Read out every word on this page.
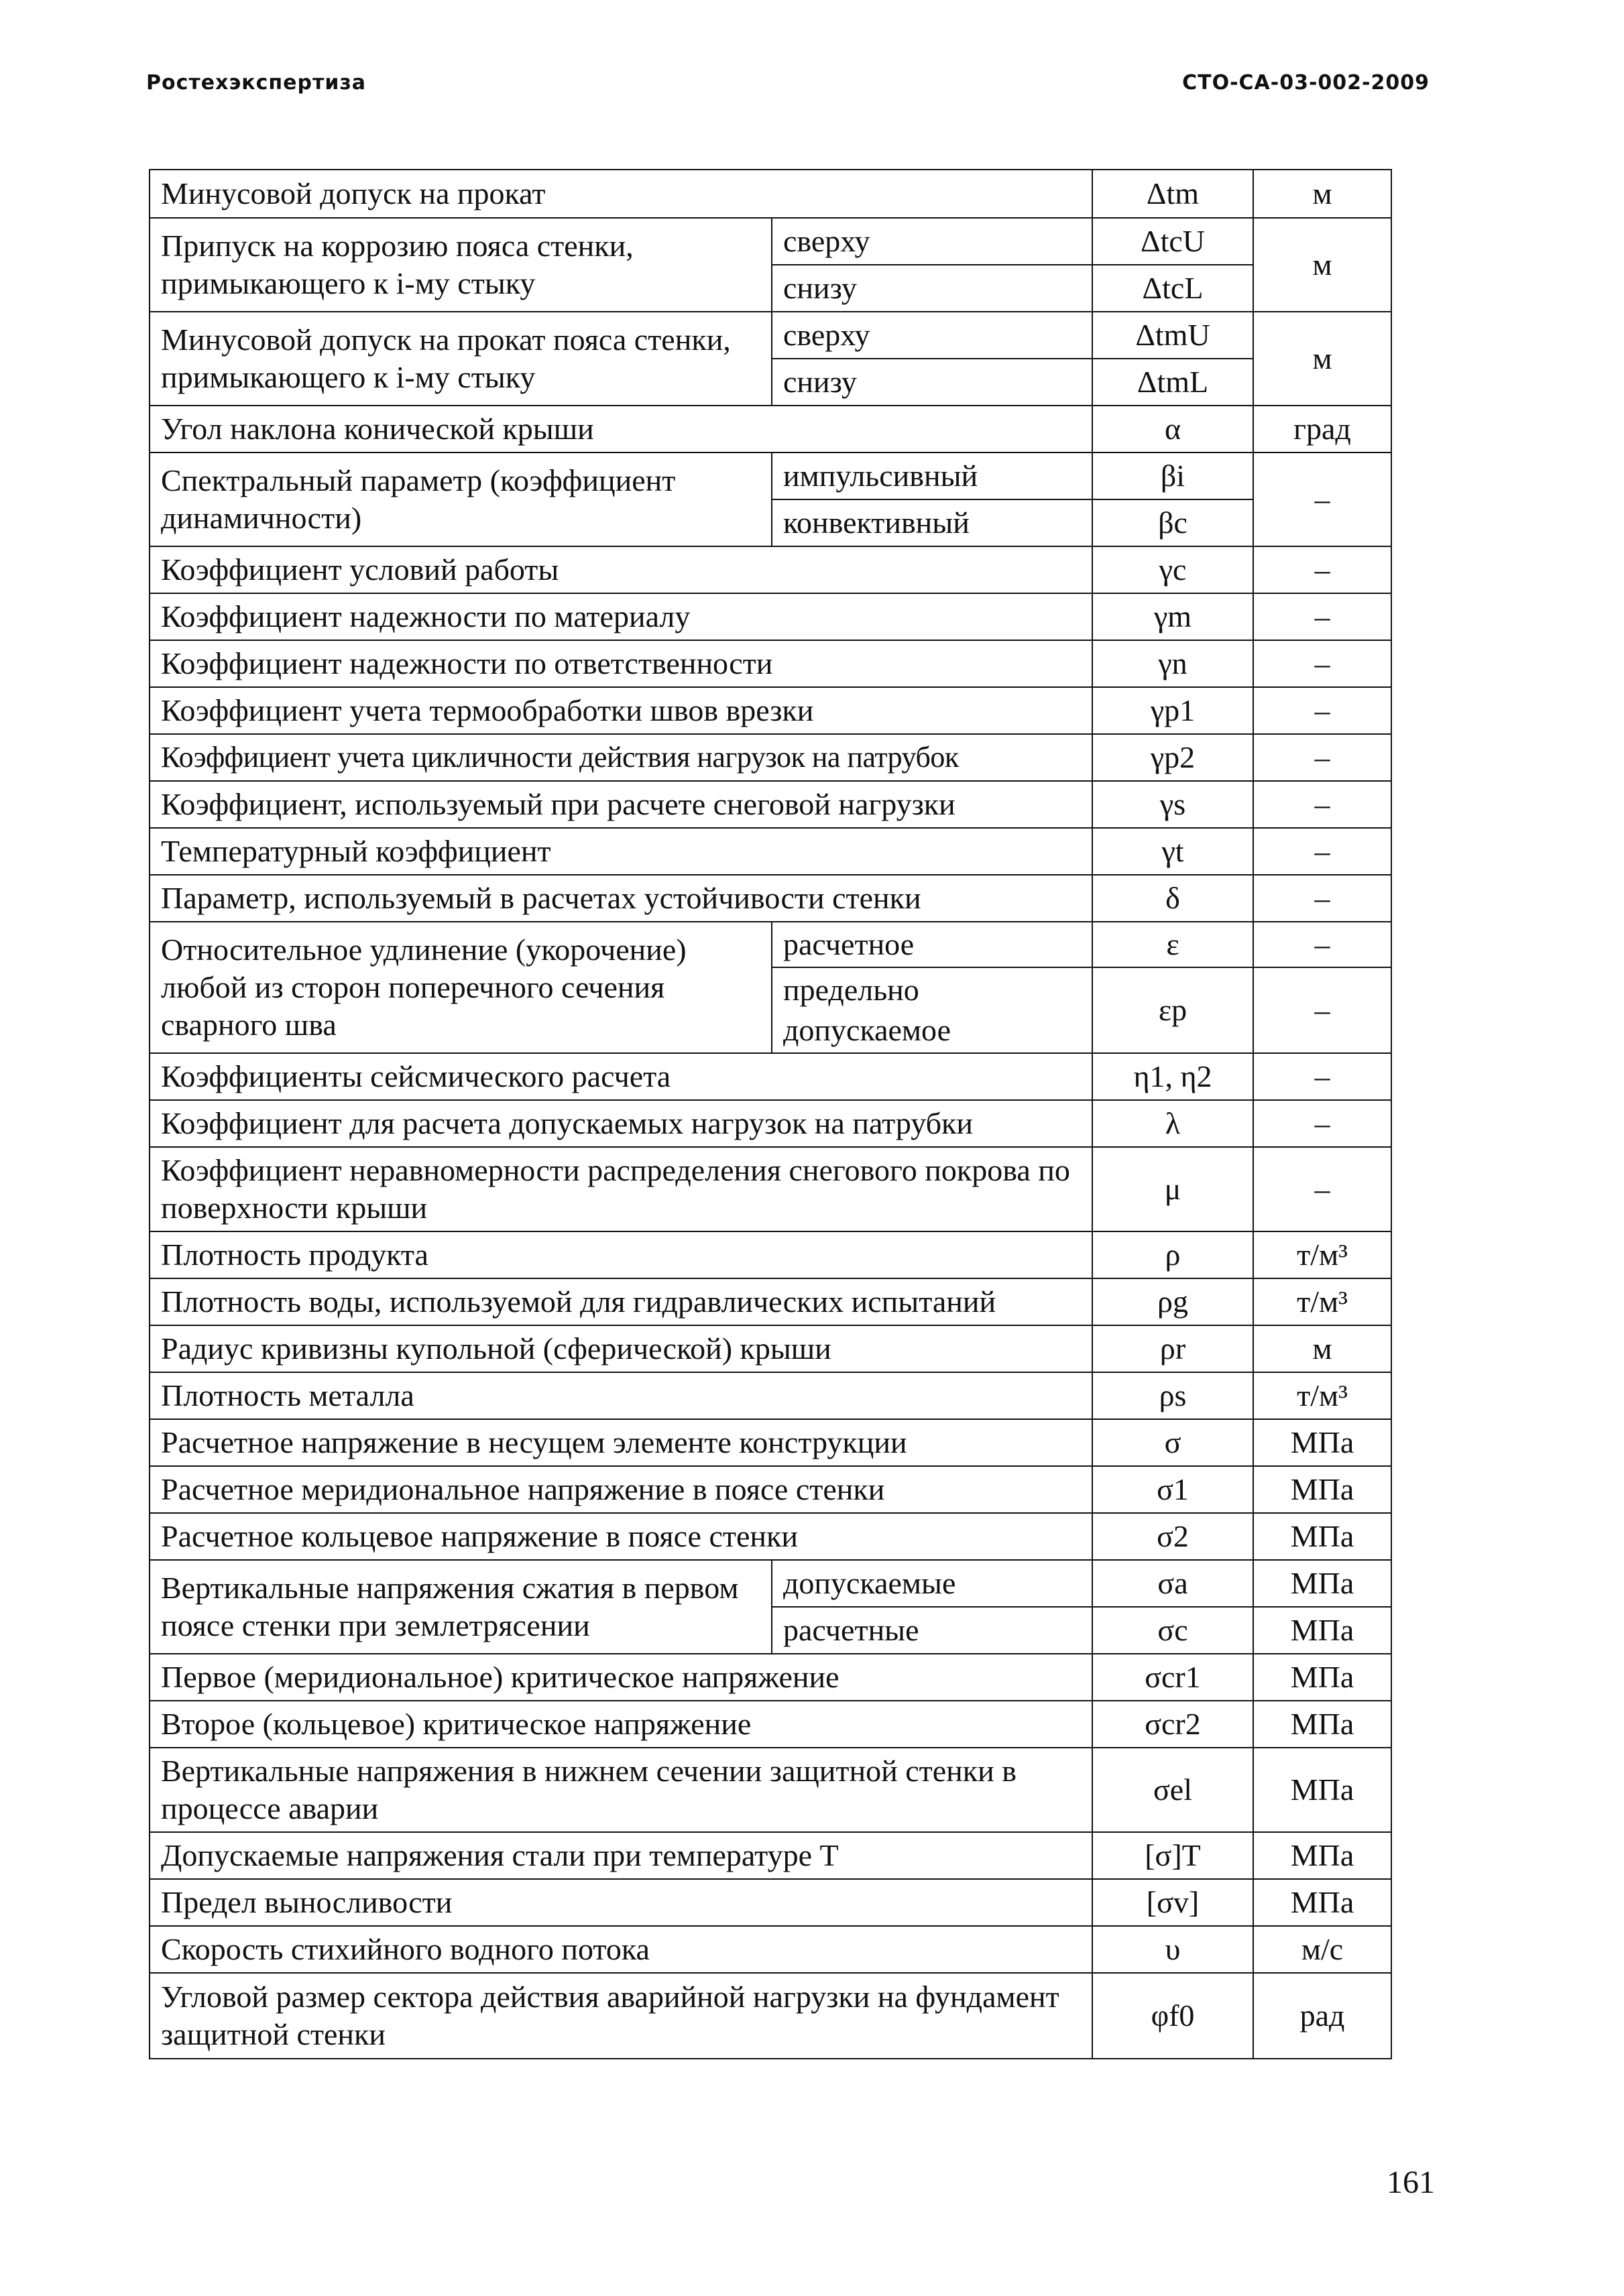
Ростехэкспертиза	СТО-СА-03-002-2009
Минусовой допуск на прокат		Δtm	м
Припуск на коррозию пояса стенки, примыкающего к i-му стыку	сверху	ΔtcU	м
	снизу	ΔtcL	
Минусовой допуск на прокат пояса стенки, примыкающего к i-му стыку	сверху	ΔtmU	м
	снизу	ΔtmL	
Угол наклона конической крыши		α	град
Спектральный параметр (коэффициент динамичности)	импульсивный	βi	–
	конвективный	βc	
Коэффициент условий работы		γc	–
Коэффициент надежности по материалу		γm	–
Коэффициент надежности по ответственности		γn	–
Коэффициент учета термообработки швов врезки		γp1	–
Коэффициент учета цикличности действия нагрузок на патрубок		γp2	–
Коэффициент, используемый при расчете снеговой нагрузки		γs	–
Температурный коэффициент		γt	–
Параметр, используемый в расчетах устойчивости стенки		δ	–
Относительное удлинение (укорочение) любой из сторон поперечного сечения сварного шва	расчетное	ε	–
	предельно допускаемое	εp	–
Коэффициенты сейсмического расчета		η1, η2	–
Коэффициент для расчета допускаемых нагрузок на патрубки		λ	–
Коэффициент неравномерности распределения снегового покрова по поверхности крыши		μ	–
Плотность продукта		ρ	т/м³
Плотность воды, используемой для гидравлических испытаний		ρg	т/м³
Радиус кривизны купольной (сферической) крыши		ρr	м
Плотность металла		ρs	т/м³
Расчетное напряжение в несущем элементе конструкции		σ	МПа
Расчетное меридиональное напряжение в поясе стенки		σ1	МПа
Расчетное кольцевое напряжение в поясе стенки		σ2	МПа
Вертикальные напряжения сжатия в первом поясе стенки при землетрясении	допускаемые	σa	МПа
	расчетные	σc	МПа
Первое (меридиональное) критическое напряжение		σcr1	МПа
Второе (кольцевое) критическое напряжение		σcr2	МПа
Вертикальные напряжения в нижнем сечении защитной стенки в процессе аварии		σel	МПа
Допускаемые напряжения стали при температуре Т		[σ]T	МПа
Предел выносливости		[σv]	МПа
Скорость стихийного водного потока		υ	м/с
Угловой размер сектора действия аварийной нагрузки на фундамент защитной стенки		φf0	рад
161
